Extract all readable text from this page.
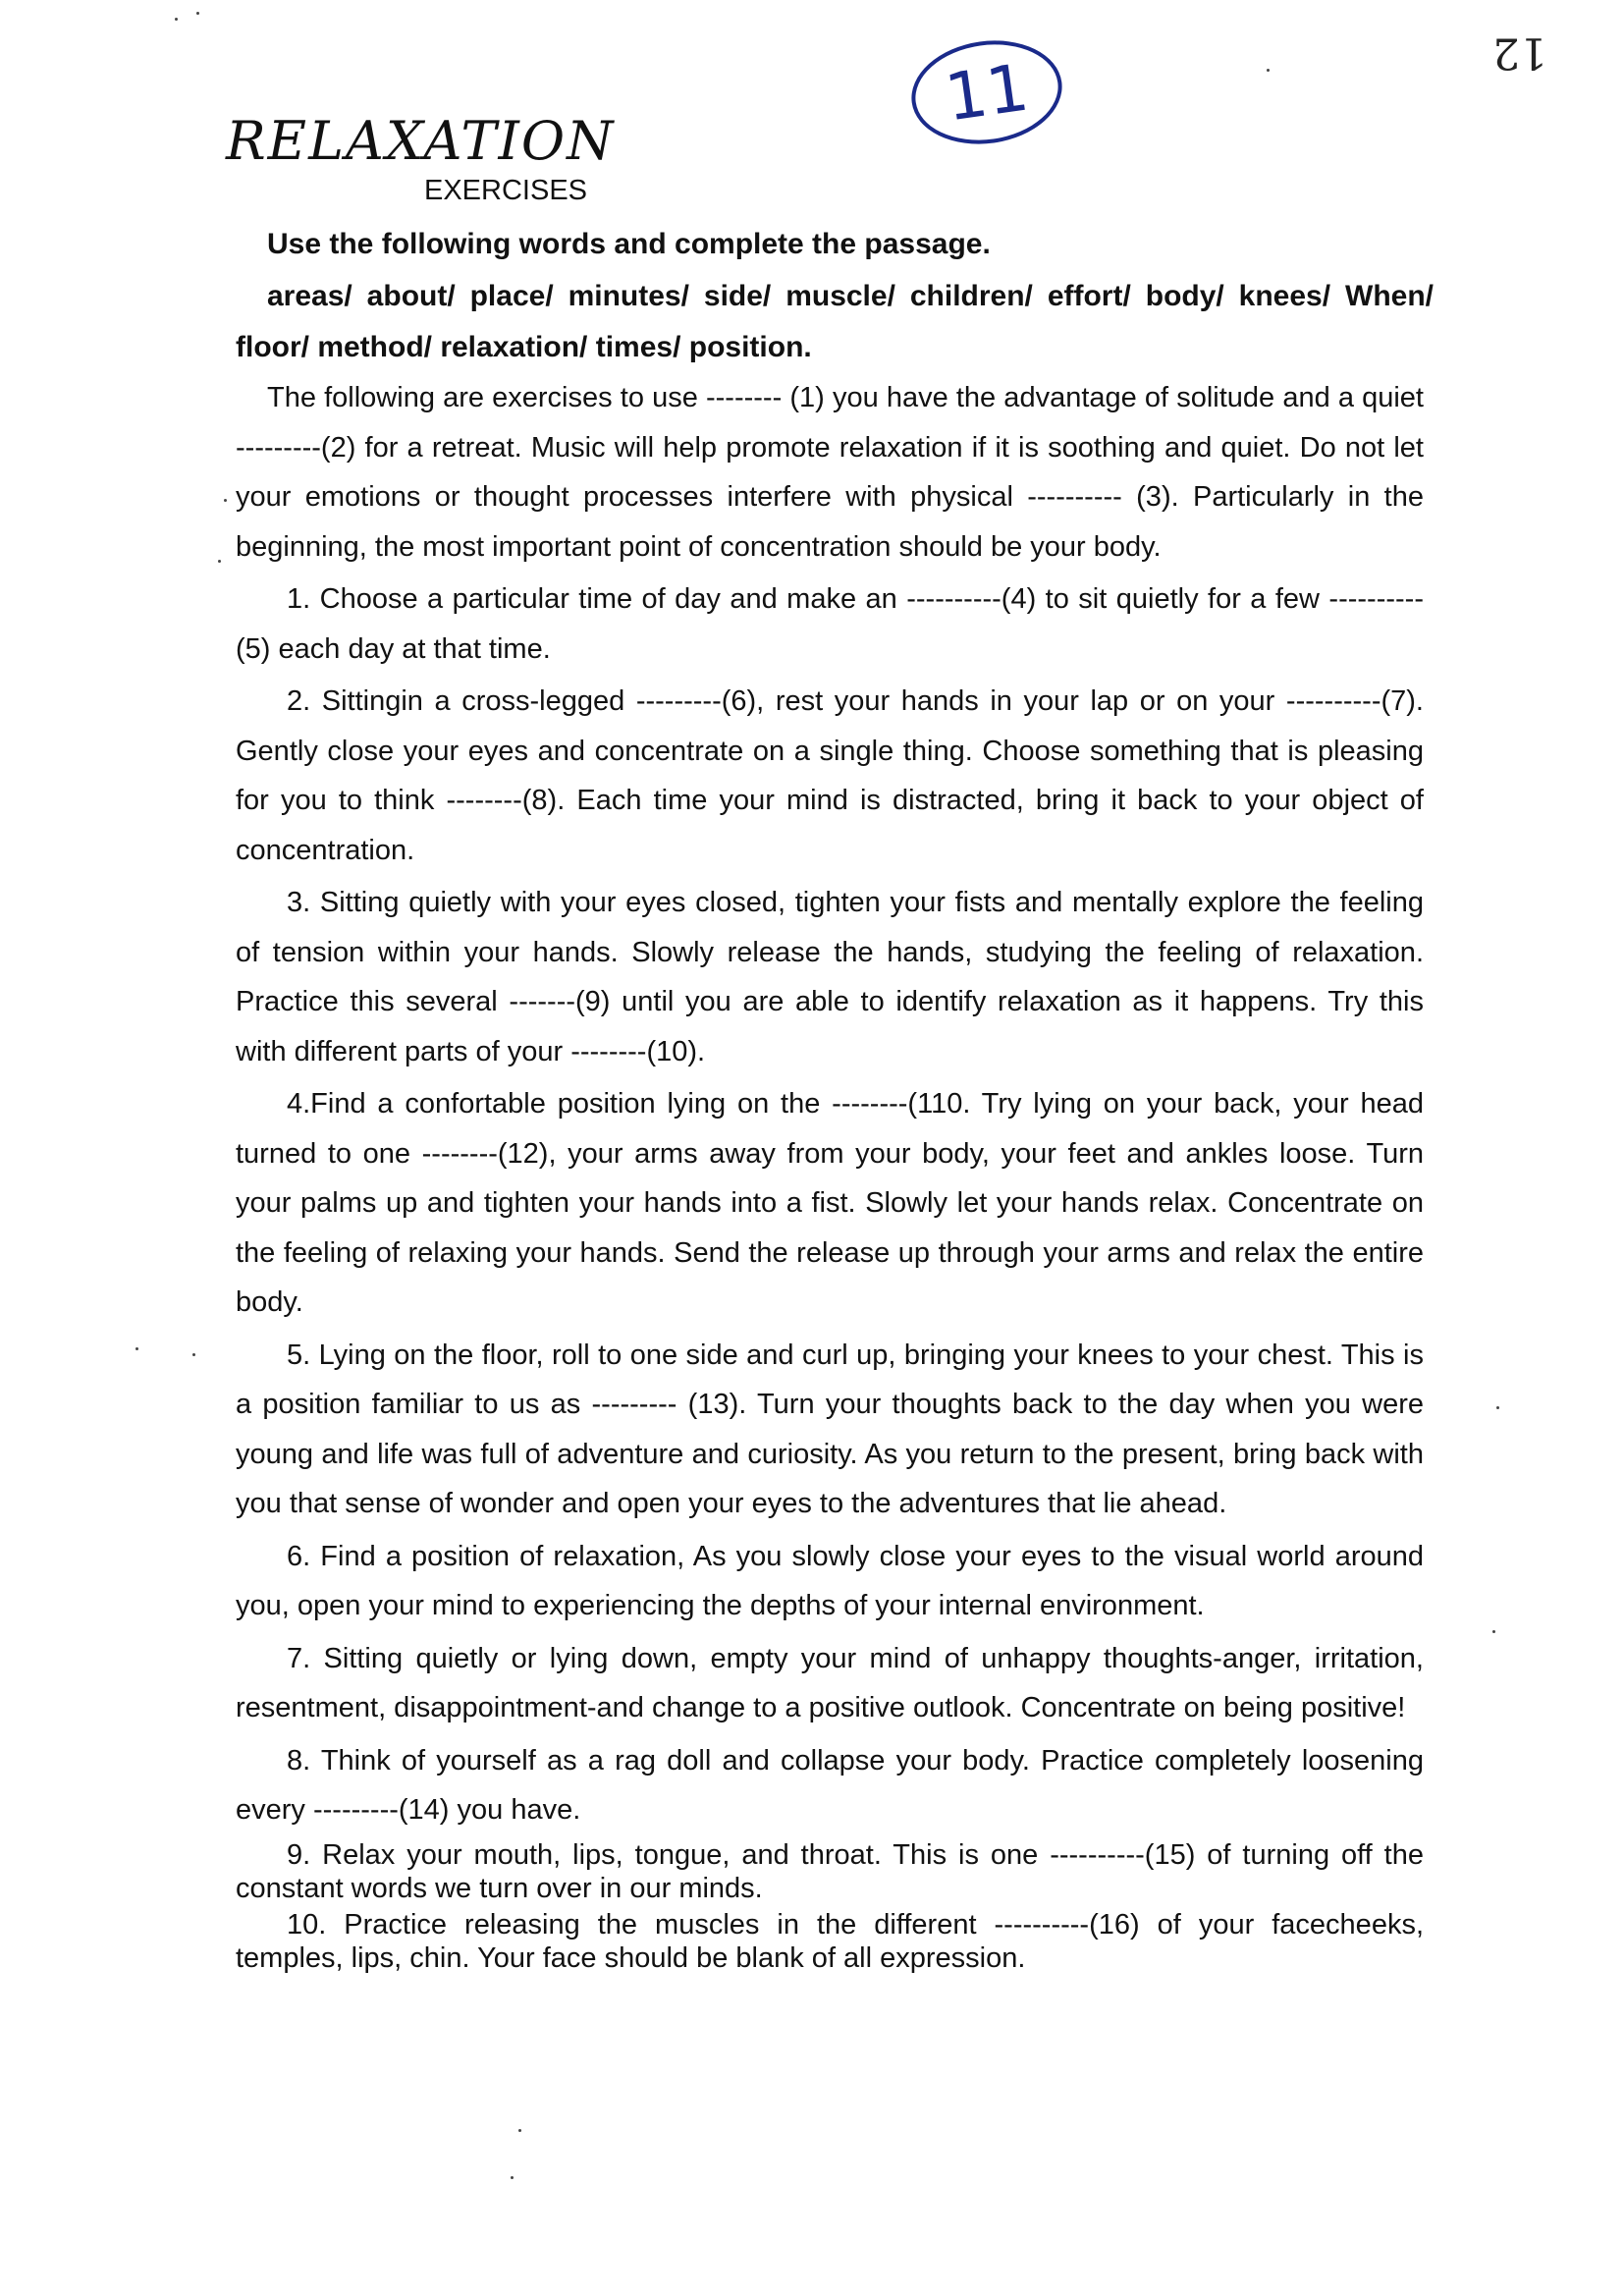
12
11
RELAXATION
EXERCISES
Use the following words and complete the passage.
areas/ about/ place/ minutes/ side/ muscle/ children/ effort/ body/ knees/ When/ floor/ method/ relaxation/ times/ position.

The following are exercises to use -------- (1) you have the advantage of solitude and a quiet ---------(2) for a retreat. Music will help promote relaxation if it is soothing and quiet. Do not let your emotions or thought processes interfere with physical ---------- (3). Particularly in the beginning, the most important point of concentration should be your body.

1. Choose a particular time of day and make an ----------(4) to sit quietly for a few ----------(5) each day at that time.

2. Sittingin a cross-legged ---------(6), rest your hands in your lap or on your ----------(7). Gently close your eyes and concentrate on a single thing. Choose something that is pleasing for you to think --------(8). Each time your mind is distracted, bring it back to your object of concentration.

3. Sitting quietly with your eyes closed, tighten your fists and mentally explore the feeling of tension within your hands. Slowly release the hands, studying the feeling of relaxation. Practice this several -------(9) until you are able to identify relaxation as it happens. Try this with different parts of your --------(10).

4.Find a confortable position lying on the --------(110. Try lying on your back, your head turned to one --------(12), your arms away from your body, your feet and ankles loose. Turn your palms up and tighten your hands into a fist. Slowly let your hands relax. Concentrate on the feeling of relaxing your hands. Send the release up through your arms and relax the entire body.

5. Lying on the floor, roll to one side and curl up, bringing your knees to your chest. This is a position familiar to us as --------- (13). Turn your thoughts back to the day when you were young and life was full of adventure and curiosity. As you return to the present, bring back with you that sense of wonder and open your eyes to the adventures that lie ahead.

6. Find a position of relaxation, As you slowly close your eyes to the visual world around you, open your mind to experiencing the depths of your internal environment.

7. Sitting quietly or lying down, empty your mind of unhappy thoughts-anger, irritation, resentment, disappointment-and change to a positive outlook. Concentrate on being positive!

8. Think of yourself as a rag doll and collapse your body. Practice completely loosening every ---------(14) you have.

9. Relax your mouth, lips, tongue, and throat. This is one ----------(15) of turning off the constant words we turn over in our minds.

10. Practice releasing the muscles in the different ----------(16) of your facecheeks, temples, lips, chin. Your face should be blank of all expression.
